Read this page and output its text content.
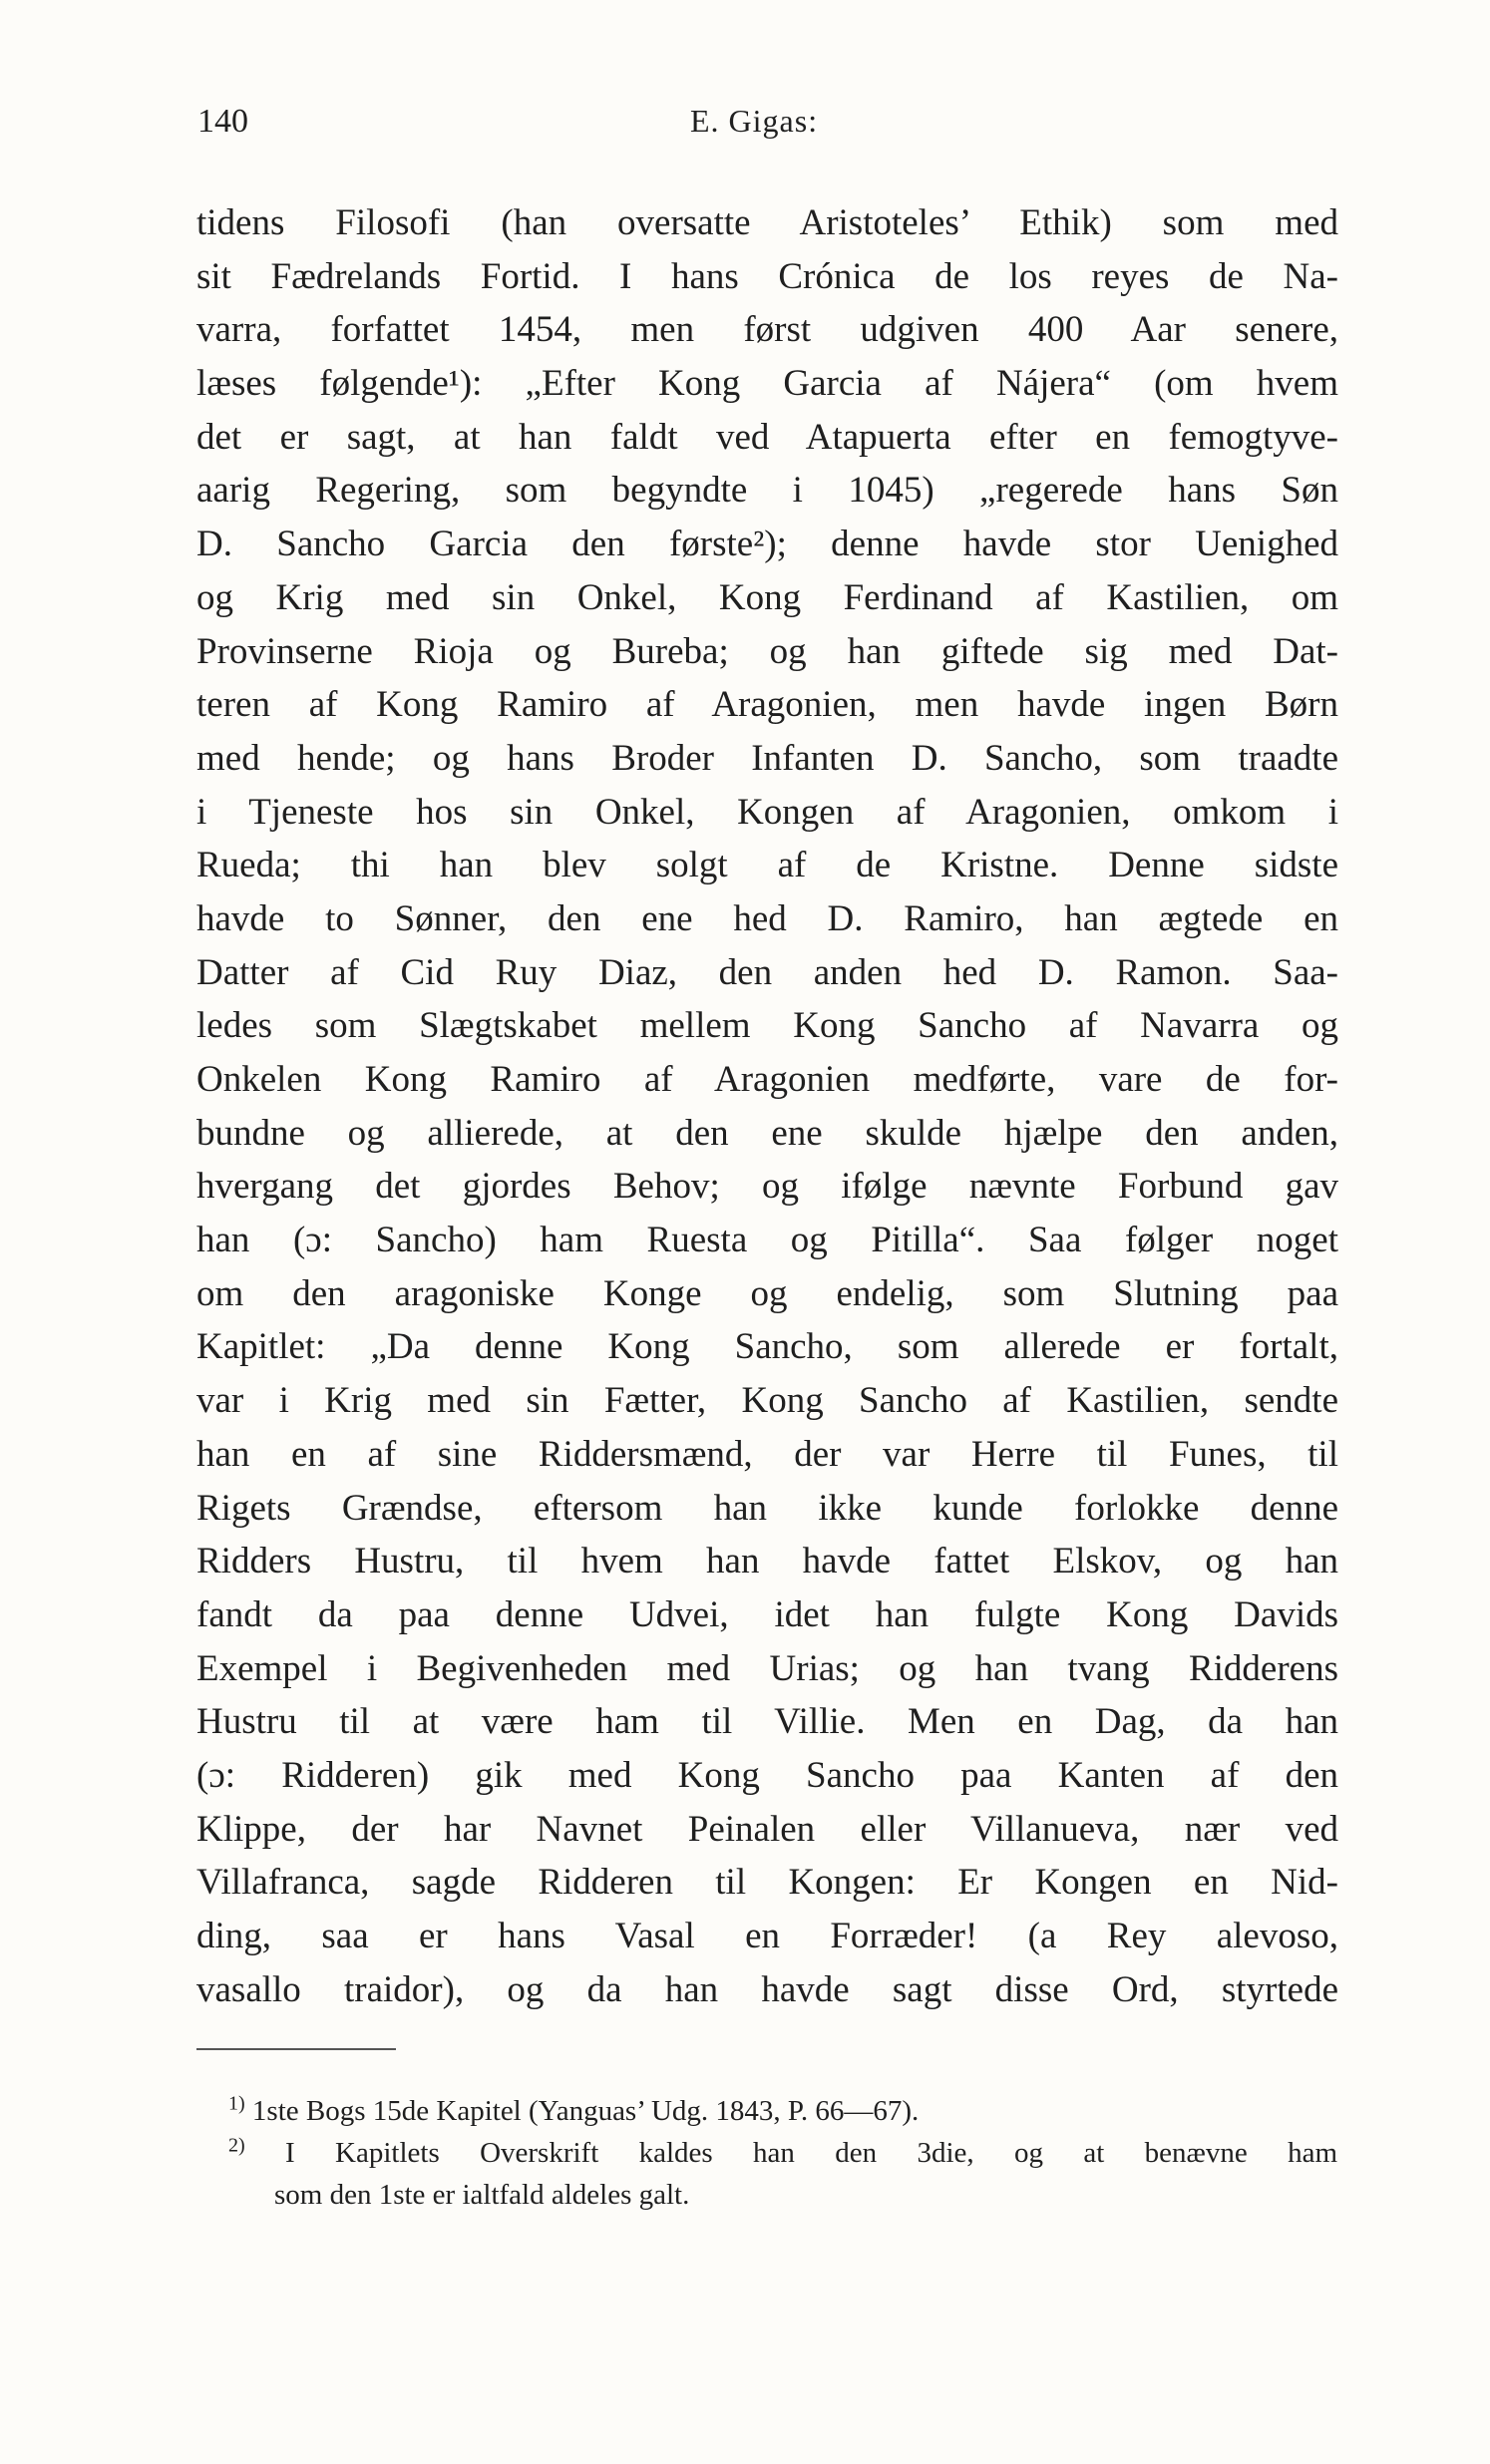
140	E. Gigas:
tidens Filosofi (han oversatte Aristoteles’ Ethik) som med
sit Fædrelands Fortid. I hans Crónica de los reyes de Na-
varra, forfattet 1454, men først udgiven 400 Aar senere,
læses følgende¹): „Efter Kong Garcia af Nájera“ (om hvem
det er sagt, at han faldt ved Atapuerta efter en femogtyve-
aarig Regering, som begyndte i 1045) „regerede hans Søn
D. Sancho Garcia den første²); denne havde stor Uenighed
og Krig med sin Onkel, Kong Ferdinand af Kastilien, om
Provinserne Rioja og Bureba; og han giftede sig med Dat-
teren af Kong Ramiro af Aragonien, men havde ingen Børn
med hende; og hans Broder Infanten D. Sancho, som traadte
i Tjeneste hos sin Onkel, Kongen af Aragonien, omkom i
Rueda; thi han blev solgt af de Kristne. Denne sidste
havde to Sønner, den ene hed D. Ramiro, han ægtede en
Datter af Cid Ruy Diaz, den anden hed D. Ramon. Saa-
ledes som Slægtskabet mellem Kong Sancho af Navarra og
Onkelen Kong Ramiro af Aragonien medførte, vare de for-
bundne og allierede, at den ene skulde hjælpe den anden,
hvergang det gjordes Behov; og ifølge nævnte Forbund gav
han (ɔ: Sancho) ham Ruesta og Pitilla“. Saa følger noget
om den aragoniske Konge og endelig, som Slutning paa
Kapitlet: „Da denne Kong Sancho, som allerede er fortalt,
var i Krig med sin Fætter, Kong Sancho af Kastilien, sendte
han en af sine Riddersmænd, der var Herre til Funes, til
Rigets Grændse, eftersom han ikke kunde forlokke denne
Ridders Hustru, til hvem han havde fattet Elskov, og han
fandt da paa denne Udvei, idet han fulgte Kong Davids
Exempel i Begivenheden med Urias; og han tvang Ridderens
Hustru til at være ham til Villie. Men en Dag, da han
(ɔ: Ridderen) gik med Kong Sancho paa Kanten af den
Klippe, der har Navnet Peinalen eller Villanueva, nær ved
Villafranca, sagde Ridderen til Kongen: Er Kongen en Nid-
ding, saa er hans Vasal en Forræder! (a Rey alevoso,
vasallo traidor), og da han havde sagt disse Ord, styrtede
$^{1)}$ 1ste Bogs 15de Kapitel (Yanguas’ Udg. 1843, P. 66—67).
$^{2)}$ I Kapitlets Overskrift kaldes han den 3die, og at benævne ham
som den 1ste er ialtfald aldeles galt.
